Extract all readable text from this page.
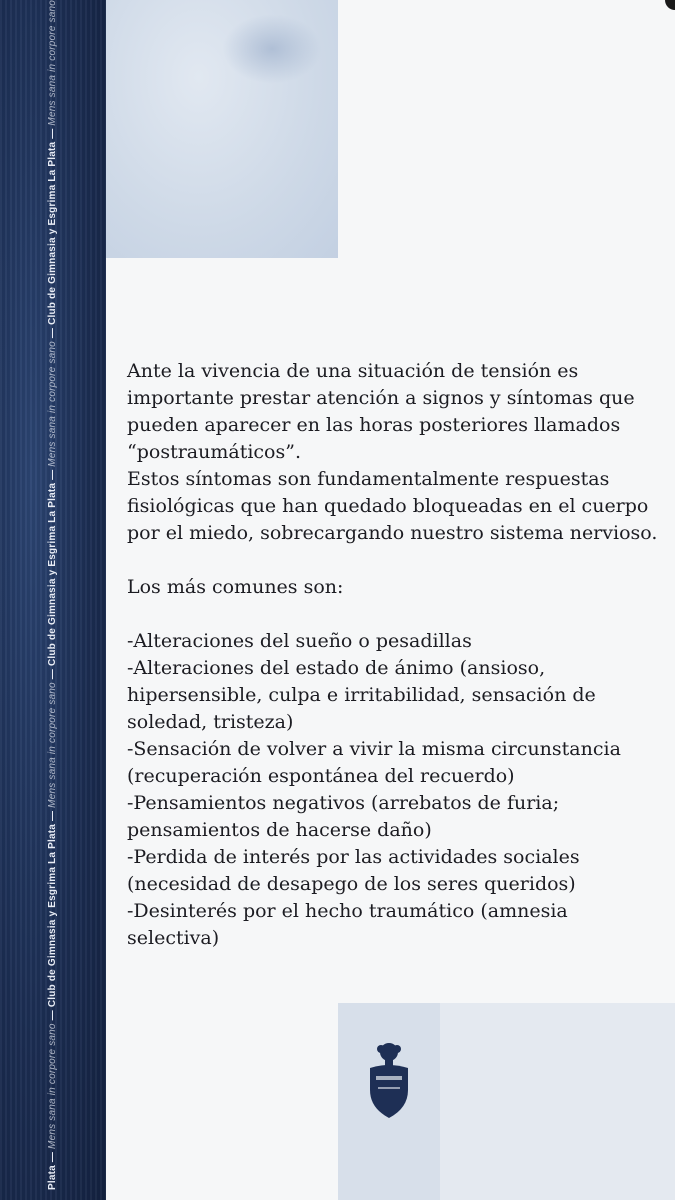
Plata — Mens sana in corpore sano — Club de Gimnasia y Esgrima La Plata — Mens sana in corpore sano — Club de Gimnasia y Esgrima La Plata — Mens sana in corpore sano — Club de Gimnasia y Esgrima La Plata — Mens sana in corpore sano

Ante la vivencia de una situación de tensión es

importante prestar atención a signos y síntomas que

pueden aparecer en las horas posteriores llamados

“postraumáticos”.

Estos síntomas son fundamentalmente respuestas

fisiológicas que han quedado bloqueadas en el cuerpo

por el miedo, sobrecargando nuestro sistema nervioso.

Los más comunes son:

-Alteraciones del sueño o pesadillas

-Alteraciones del estado de ánimo (ansioso,

hipersensible, culpa e irritabilidad, sensación de

soledad, tristeza)

-Sensación de volver a vivir la misma circunstancia

(recuperación espontánea del recuerdo)

-Pensamientos negativos (arrebatos de furia;

pensamientos de hacerse daño)

-Perdida de interés por las actividades sociales

(necesidad de desapego de los seres queridos)

-Desinterés por el hecho traumático (amnesia

selectiva)
